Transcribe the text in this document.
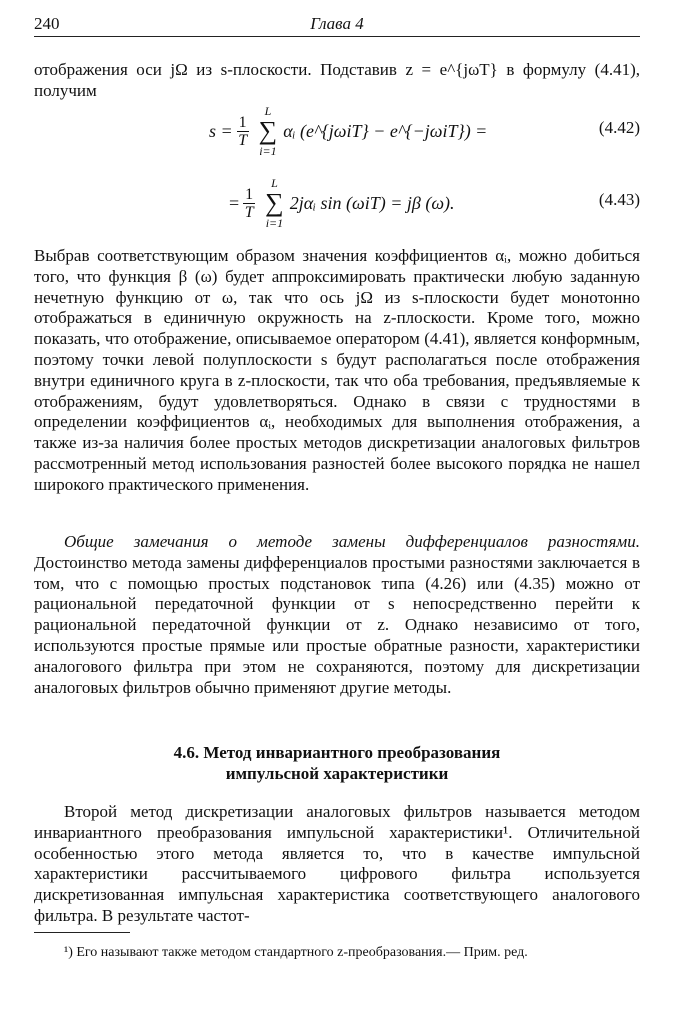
240	Глава 4

отображения оси jΩ из s-плоскости. Подставив z = e^{jωT} в формулу (4.41), получим

$s = \frac{1}{T}$
L
∑
i=1
αᵢ (e^{jωiT} − e^{−jωiT}) =	(4.42)
= $\frac{1}{T}$
L
∑
i=1
2jαᵢ sin (ωiT) = jβ (ω).	(4.43)

Выбрав соответствующим образом значения коэффициентов αᵢ, можно добиться того, что функция β (ω) будет аппроксимировать практически любую заданную нечетную функцию от ω, так что ось jΩ из s-плоскости будет монотонно отображаться в единичную окружность на z-плоскости. Кроме того, можно показать, что отображение, описываемое оператором (4.41), является конформным, поэтому точки левой полуплоскости s будут располагаться после отображения внутри единичного круга в z-плоскости, так что оба требования, предъявляемые к отображениям, будут удовлетворяться. Однако в связи с трудностями в определении коэффициентов αᵢ, необходимых для выполнения отображения, а также из-за наличия более простых методов дискретизации аналоговых фильтров рассмотренный метод использования разностей более высокого порядка не нашел широкого практического применения.

Общие замечания о методе замены дифференциалов разностями. Достоинство метода замены дифференциалов простыми разностями заключается в том, что с помощью простых подстановок типа (4.26) или (4.35) можно от рациональной передаточной функции от s непосредственно перейти к рациональной передаточной функции от z. Однако независимо от того, используются простые прямые или простые обратные разности, характеристики аналогового фильтра при этом не сохраняются, поэтому для дискретизации аналоговых фильтров обычно применяют другие методы.

4.6. Метод инвариантного преобразования
импульсной характеристики

Второй метод дискретизации аналоговых фильтров называется методом инвариантного преобразования импульсной характеристики¹. Отличительной особенностью этого метода является то, что в качестве импульсной характеристики рассчитываемого цифрового фильтра используется дискретизованная импульсная характеристика соответствующего аналогового фильтра. В результате частот-

¹) Его называют также методом стандартного z-преобразования.— Прим. ред.
